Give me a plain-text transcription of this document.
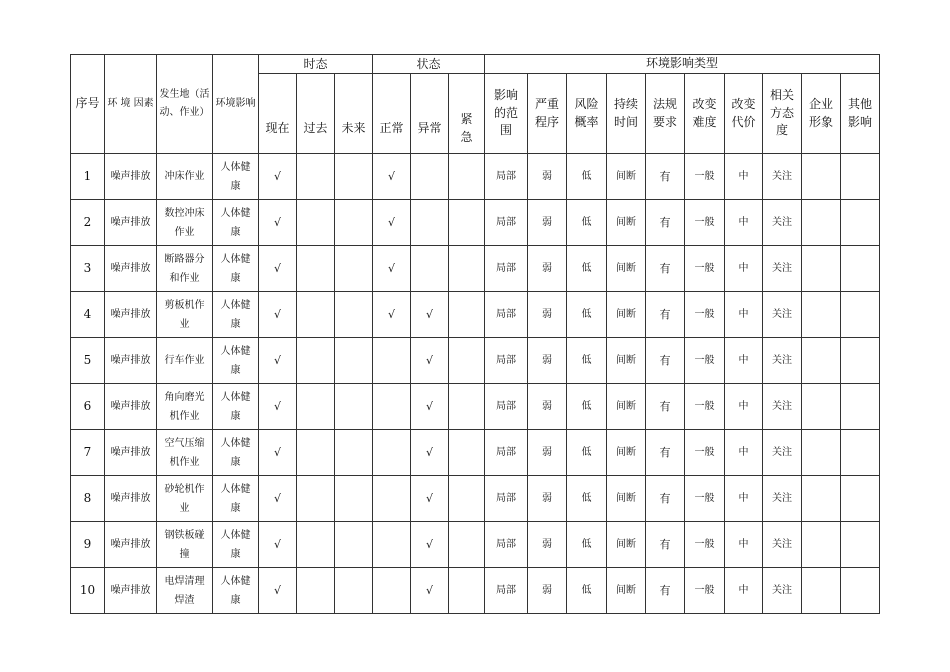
序号	环 境 因素	发生地（活动、作业）	环境影响	时态			状态			环境影响类型									
				现在	过去	未来	正常	异常	紧急	影响的范围	严重程序	风险概率	持续时间	法规要求	改变难度	改变代价	相关方态度	企业形象	其他影响
1	噪声排放	冲床作业	人体健康	√			√			局部	弱	低	间断	有	一般	中	关注		
2	噪声排放	数控冲床作业	人体健康	√			√			局部	弱	低	间断	有	一般	中	关注		
3	噪声排放	断路器分和作业	人体健康	√			√			局部	弱	低	间断	有	一般	中	关注		
4	噪声排放	剪板机作业	人体健康	√			√	√		局部	弱	低	间断	有	一般	中	关注		
5	噪声排放	行车作业	人体健康	√				√		局部	弱	低	间断	有	一般	中	关注		
6	噪声排放	角向磨光机作业	人体健康	√				√		局部	弱	低	间断	有	一般	中	关注		
7	噪声排放	空气压缩机作业	人体健康	√				√		局部	弱	低	间断	有	一般	中	关注		
8	噪声排放	砂轮机作业	人体健康	√				√		局部	弱	低	间断	有	一般	中	关注		
9	噪声排放	钢铁板碰撞	人体健康	√				√		局部	弱	低	间断	有	一般	中	关注		
10	噪声排放	电焊清理焊渣	人体健康	√				√		局部	弱	低	间断	有	一般	中	关注		
